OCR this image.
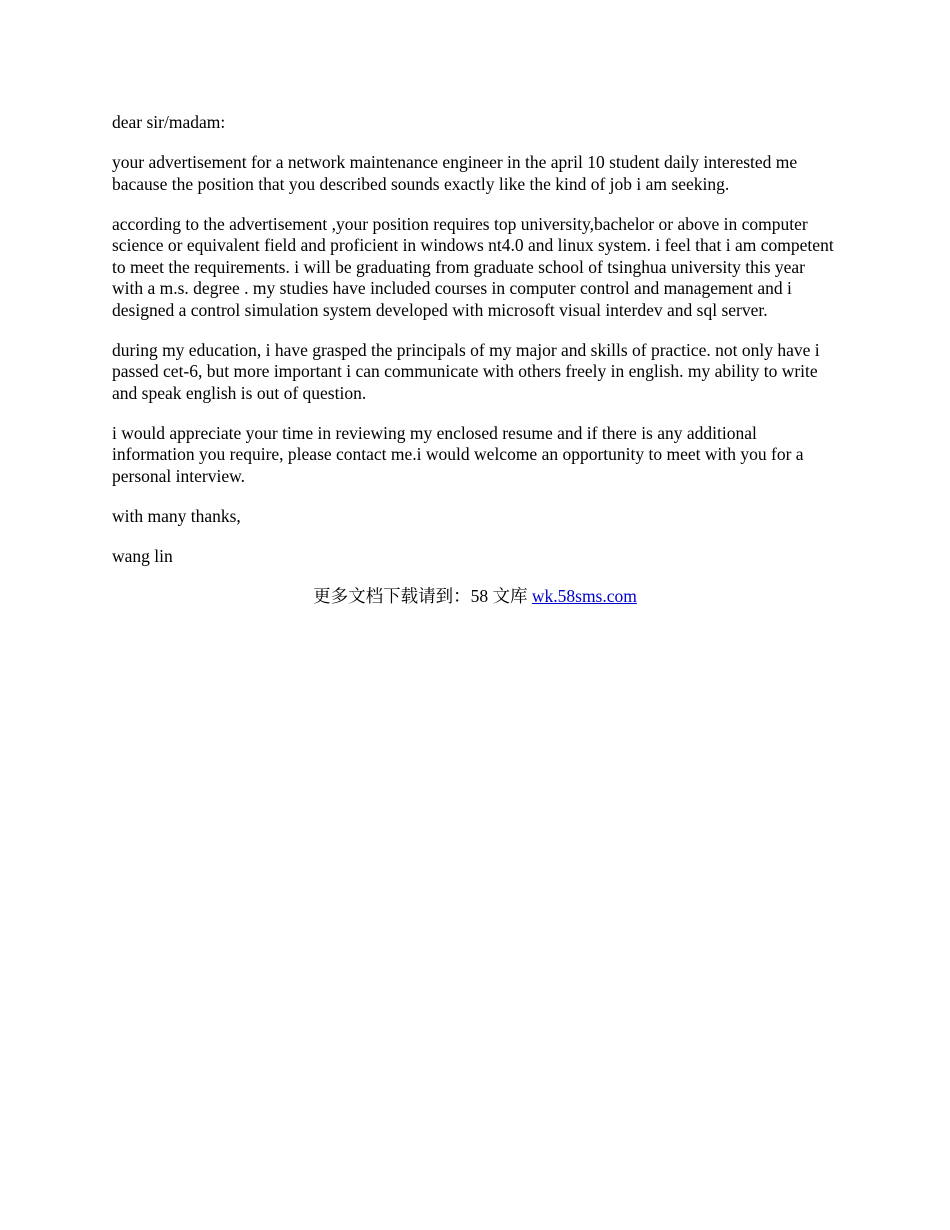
dear sir/madam:

your advertisement for a network maintenance engineer in the april 10 student daily interested me bacause the position that you described sounds exactly like the kind of job i am seeking.

according to the advertisement ,your position requires top university,bachelor or above in computer science or equivalent field and proficient in windows nt4.0 and linux system. i feel that i am competent to meet the requirements. i will be graduating from graduate school of tsinghua university this year with a m.s. degree . my studies have included courses in computer control and management and i designed a control simulation system developed with microsoft visual interdev and sql server.

during my education, i have grasped the principals of my major and skills of practice. not only have i passed cet-6, but more important i can communicate with others freely in english. my ability to write and speak english is out of question.

i would appreciate your time in reviewing my enclosed resume and if there is any additional information you require, please contact me.i would welcome an opportunity to meet with you for a personal interview.

with many thanks,

wang lin

更多文档下载请到：58 文库 wk.58sms.com
